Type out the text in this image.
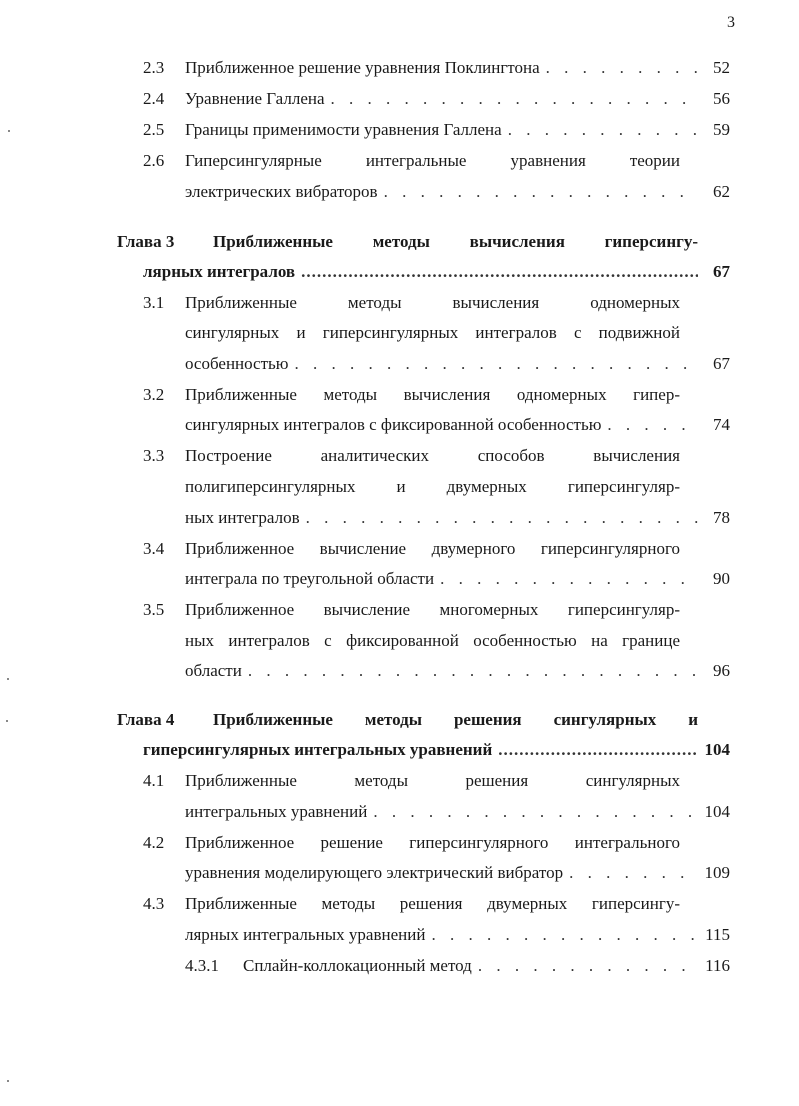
3
2.3 Приближенное решение уравнения Поклингтона . . .	52
2.4 Уравнение Галлена . . .	56
2.5 Границы применимости уравнения Галлена . . .	59
2.6 Гиперсингулярные интегральные уравнения теории
электрических вибраторов . . .	62
Глава 3 Приближенные методы вычисления гиперсингу-
лярных интегралов .....	67
3.1 Приближенные методы вычисления одномерных
сингулярных и гиперсингулярных интегралов с подвижной
особенностью . . .	67
3.2 Приближенные методы вычисления одномерных гипер-
сингулярных интегралов с фиксированной особенностью . . .	74
3.3 Построение аналитических способов вычисления
полигиперсингулярных и двумерных гиперсингуляр-
ных интегралов . . .	78
3.4 Приближенное вычисление двумерного гиперсингулярного
интеграла по треугольной области . . .	90
3.5 Приближенное вычисление многомерных гиперсингуляр-
ных интегралов с фиксированной особенностью на границе
области . . .	96
Глава 4 Приближенные методы решения сингулярных и
гиперсингулярных интегральных уравнений .....	104
4.1 Приближенные методы решения сингулярных
интегральных уравнений . . .	104
4.2 Приближенное решение гиперсингулярного интегрального
уравнения моделирующего электрический вибратор . . .	109
4.3 Приближенные методы решения двумерных гиперсингу-
лярных интегральных уравнений . . .	115
4.3.1 Сплайн-коллокационный метод . . .	116
